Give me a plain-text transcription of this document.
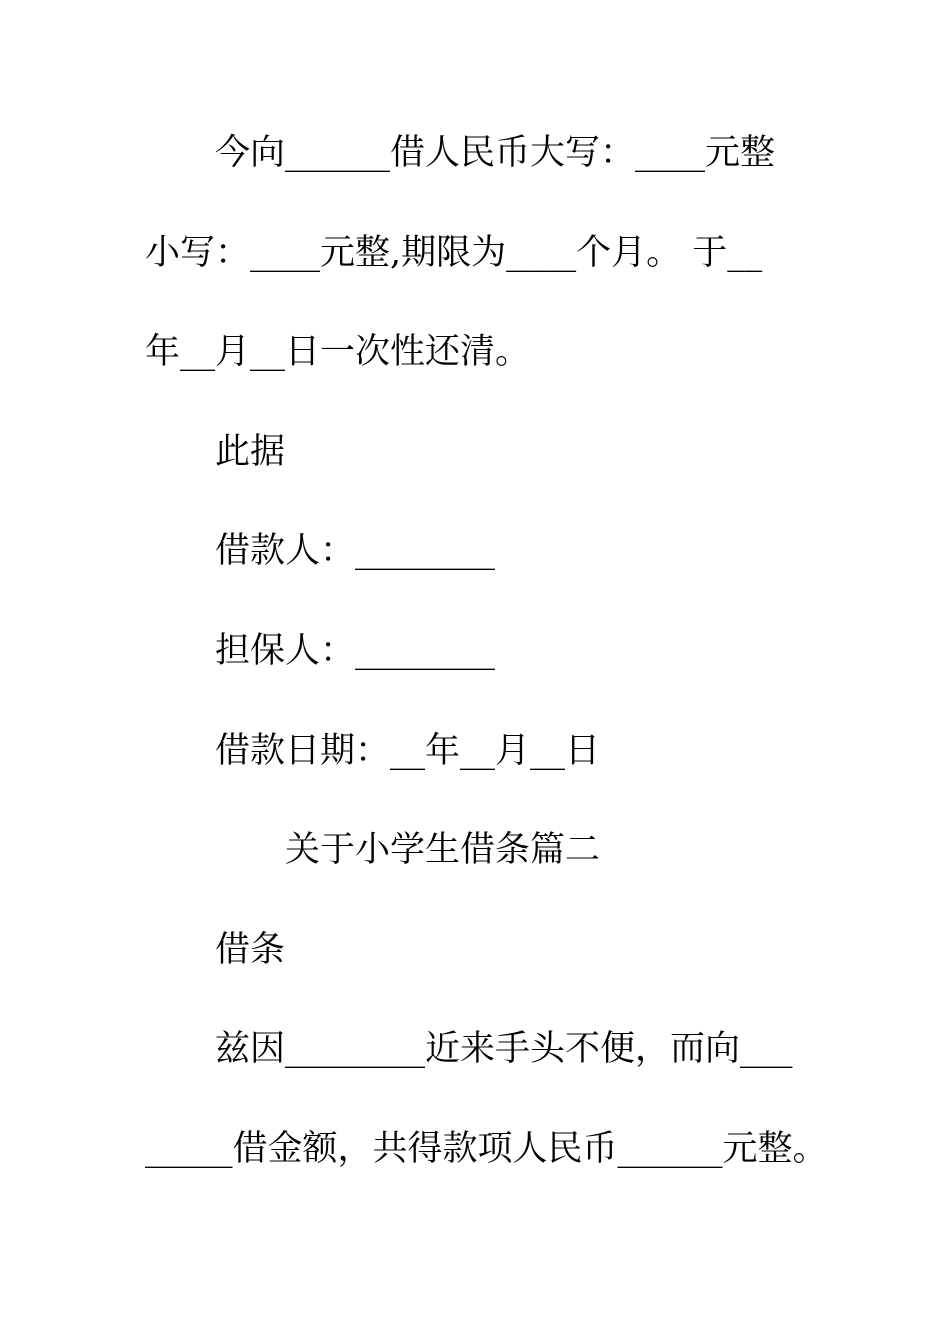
今向______借人民币大写：____元整
小写：____元整,期限为____个月。 于__
年__月__日一次性还清。
此据
借款人：________
担保人：________
借款日期：__年__月__日
关于小学生借条篇二
借条
兹因________近来手头不便，而向___
_____借金额，共得款项人民币______元整。
